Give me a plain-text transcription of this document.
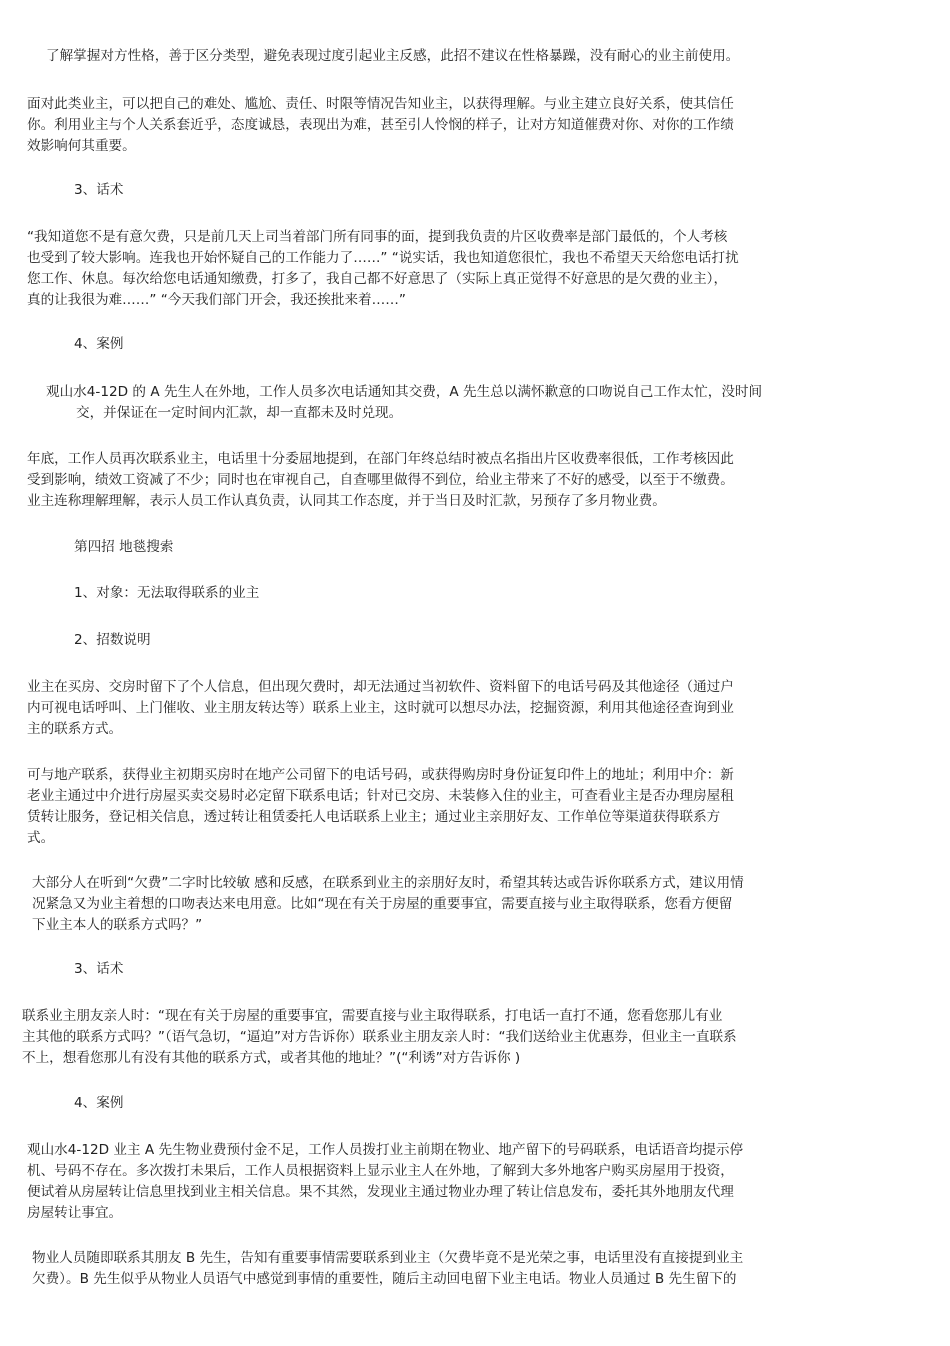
了解掌握对方性格，善于区分类型，避免表现过度引起业主反感，此招不建议在性格暴躁，没有耐心的业主前使用。
面对此类业主，可以把自己的难处、尴尬、责任、时限等情况告知业主，以获得理解。与业主建立良好关系，使其信任
你。利用业主与个人关系套近乎，态度诚恳，表现出为难，甚至引人怜悯的样子，让对方知道催费对你、对你的工作绩
效影响何其重要。
3、话术
“我知道您不是有意欠费，只是前几天上司当着部门所有同事的面，提到我负责的片区收费率是部门最低的，个人考核
也受到了较大影响。连我也开始怀疑自己的工作能力了……” “说实话，我也知道您很忙，我也不希望天天给您电话打扰
您工作、休息。每次给您电话通知缴费，打多了，我自己都不好意思了（实际上真正觉得不好意思的是欠费的业主），
真的让我很为难……” “今天我们部门开会，我还挨批来着……”
4、案例
观山水4-12D 的 A 先生人在外地，工作人员多次电话通知其交费，A 先生总以满怀歉意的口吻说自己工作太忙，没时间
交，并保证在一定时间内汇款，却一直都未及时兑现。
年底，工作人员再次联系业主，电话里十分委屈地提到，在部门年终总结时被点名指出片区收费率很低，工作考核因此
受到影响，绩效工资减了不少；同时也在审视自己，自查哪里做得不到位，给业主带来了不好的感受，以至于不缴费。
业主连称理解理解，表示人员工作认真负责，认同其工作态度，并于当日及时汇款，另预存了多月物业费。
第四招 地毯搜索
1、对象：无法取得联系的业主
2、招数说明
业主在买房、交房时留下了个人信息，但出现欠费时，却无法通过当初软件、资料留下的电话号码及其他途径（通过户
内可视电话呼叫、上门催收、业主朋友转达等）联系上业主，这时就可以想尽办法，挖掘资源，利用其他途径查询到业
主的联系方式。
可与地产联系，获得业主初期买房时在地产公司留下的电话号码，或获得购房时身份证复印件上的地址；利用中介：新
老业主通过中介进行房屋买卖交易时必定留下联系电话；针对已交房、未装修入住的业主，可查看业主是否办理房屋租
赁转让服务，登记相关信息，透过转让租赁委托人电话联系上业主；通过业主亲朋好友、工作单位等渠道获得联系方
式。
大部分人在听到“欠费”二字时比较敏 感和反感，在联系到业主的亲朋好友时，希望其转达或告诉你联系方式，建议用情
况紧急又为业主着想的口吻表达来电用意。比如“现在有关于房屋的重要事宜，需要直接与业主取得联系，您看方便留
下业主本人的联系方式吗？”
3、话术
联系业主朋友亲人时：“现在有关于房屋的重要事宜，需要直接与业主取得联系，打电话一直打不通，您看您那儿有业
主其他的联系方式吗？”（语气急切，“逼迫”对方告诉你）联系业主朋友亲人时：“我们送给业主优惠券，但业主一直联系
不上，想看您那儿有没有其他的联系方式，或者其他的地址？”(“利诱”对方告诉你 )
4、案例
观山水4-12D 业主 A 先生物业费预付金不足，工作人员拨打业主前期在物业、地产留下的号码联系，电话语音均提示停
机、号码不存在。多次拨打未果后，工作人员根据资料上显示业主人在外地，了解到大多外地客户购买房屋用于投资，
便试着从房屋转让信息里找到业主相关信息。果不其然，发现业主通过物业办理了转让信息发布，委托其外地朋友代理
房屋转让事宜。
物业人员随即联系其朋友 B 先生，告知有重要事情需要联系到业主（欠费毕竟不是光荣之事，电话里没有直接提到业主
欠费）。B 先生似乎从物业人员语气中感觉到事情的重要性，随后主动回电留下业主电话。物业人员通过 B 先生留下的
